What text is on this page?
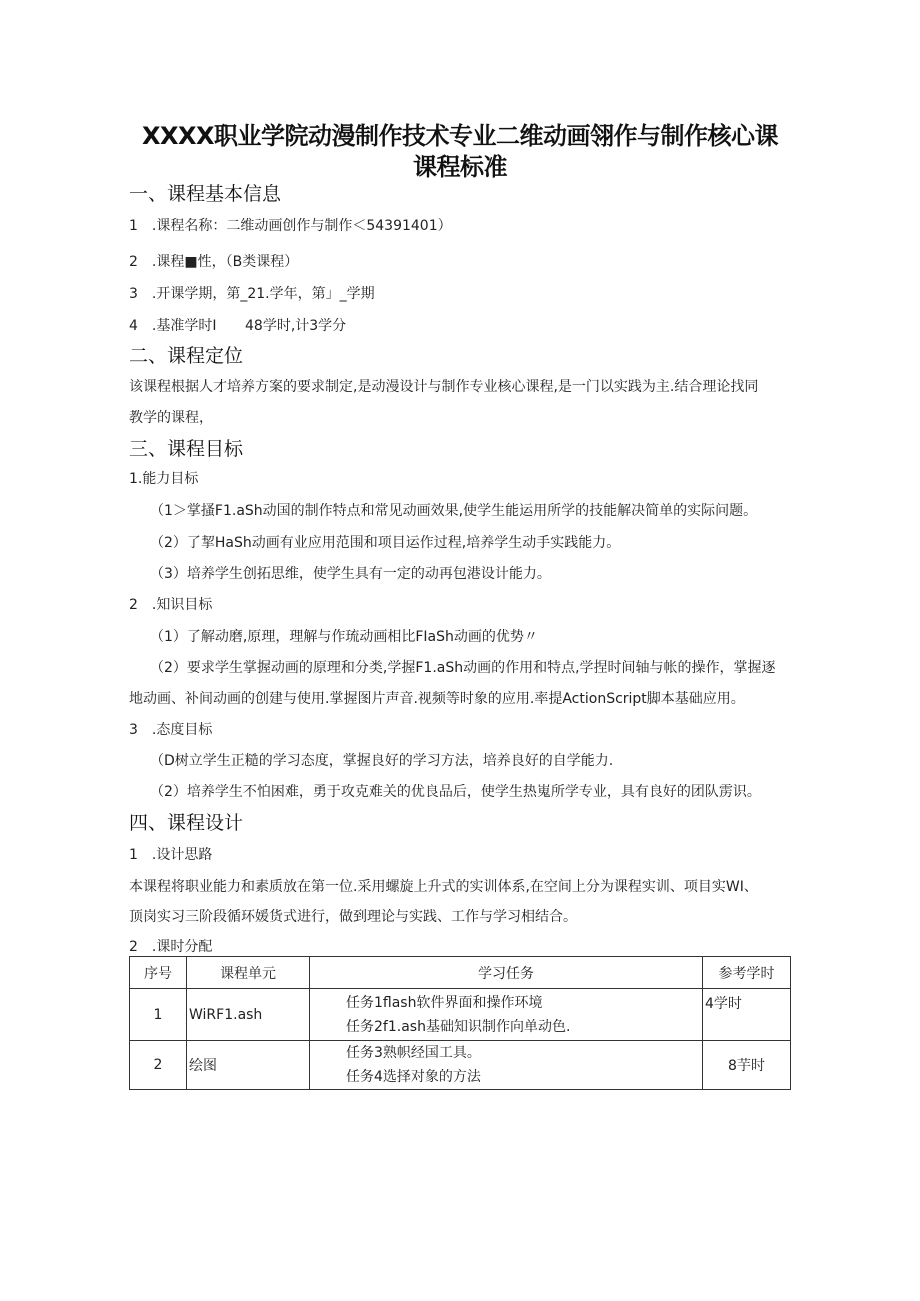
XXXX职业学院动漫制作技术专业二维动画翎作与制作核心课
课程标准
一、课程基本信息
1　.课程名称：二维动画创作与制作＜54391401）
2　.课程■性，（B类课程）
3　.开课学期，第_21.学年，第」_学期
4　.基准学时I 48学时,计3学分
二、课程定位
该课程根据人才培养方案的要求制定,是动漫设计与制作专业核心课程,是一门以实践为主.结合理论找同
教学的课程，
三、课程目标
1.能力目标
（1＞掌搔F1.aSh动国的制作特点和常见动画效果,使学生能运用所学的技能解决简单的实际问题。
（2）了挈HaSh动画有业应用范围和项目运作过程,培养学生动手实践能力。
（3）培养学生创拓思维，使学生具有一定的动再包港设计能力。
2　.知识目标
（1）了解动磨,原理，理解与作琉动画相比FIaSh动画的优势〃
（2）要求学生掌握动画的原理和分类,学握F1.aSh动画的作用和特点,学捏时间轴与帐的操作，掌握逐
地动画、补间动画的创建与使用.掌握图片声音.视频等时象的应用.率提ActionScript脚本基础应用。
3　.态度目标
（D树立学生正糙的学习态度，掌握良好的学习方法，培养良好的自学能力.
（2）培养学生不怕困难，勇于攻克难关的优良品后，使学生热嵬所学专业，具有良好的团队雳识。
四、课程设计
1　.设计思路
本课程将职业能力和素质放在第一位.采用螺旋上升式的实训体系,在空间上分为课程实训、项目实WI、
顶岗实习三阶段循环媛货式进行，做到理论与实践、工作与学习相结合。
2　.课时分配
序号	课程单元	学习任务	参考学时
1	WiRF1.ash	任务1flash软件界面和操作环境
任务2f1.ash基础知识制作向单动色.	4学时
2	绘图	任务3熟帜经国工具。
任务4选择对象的方法	8芋时
